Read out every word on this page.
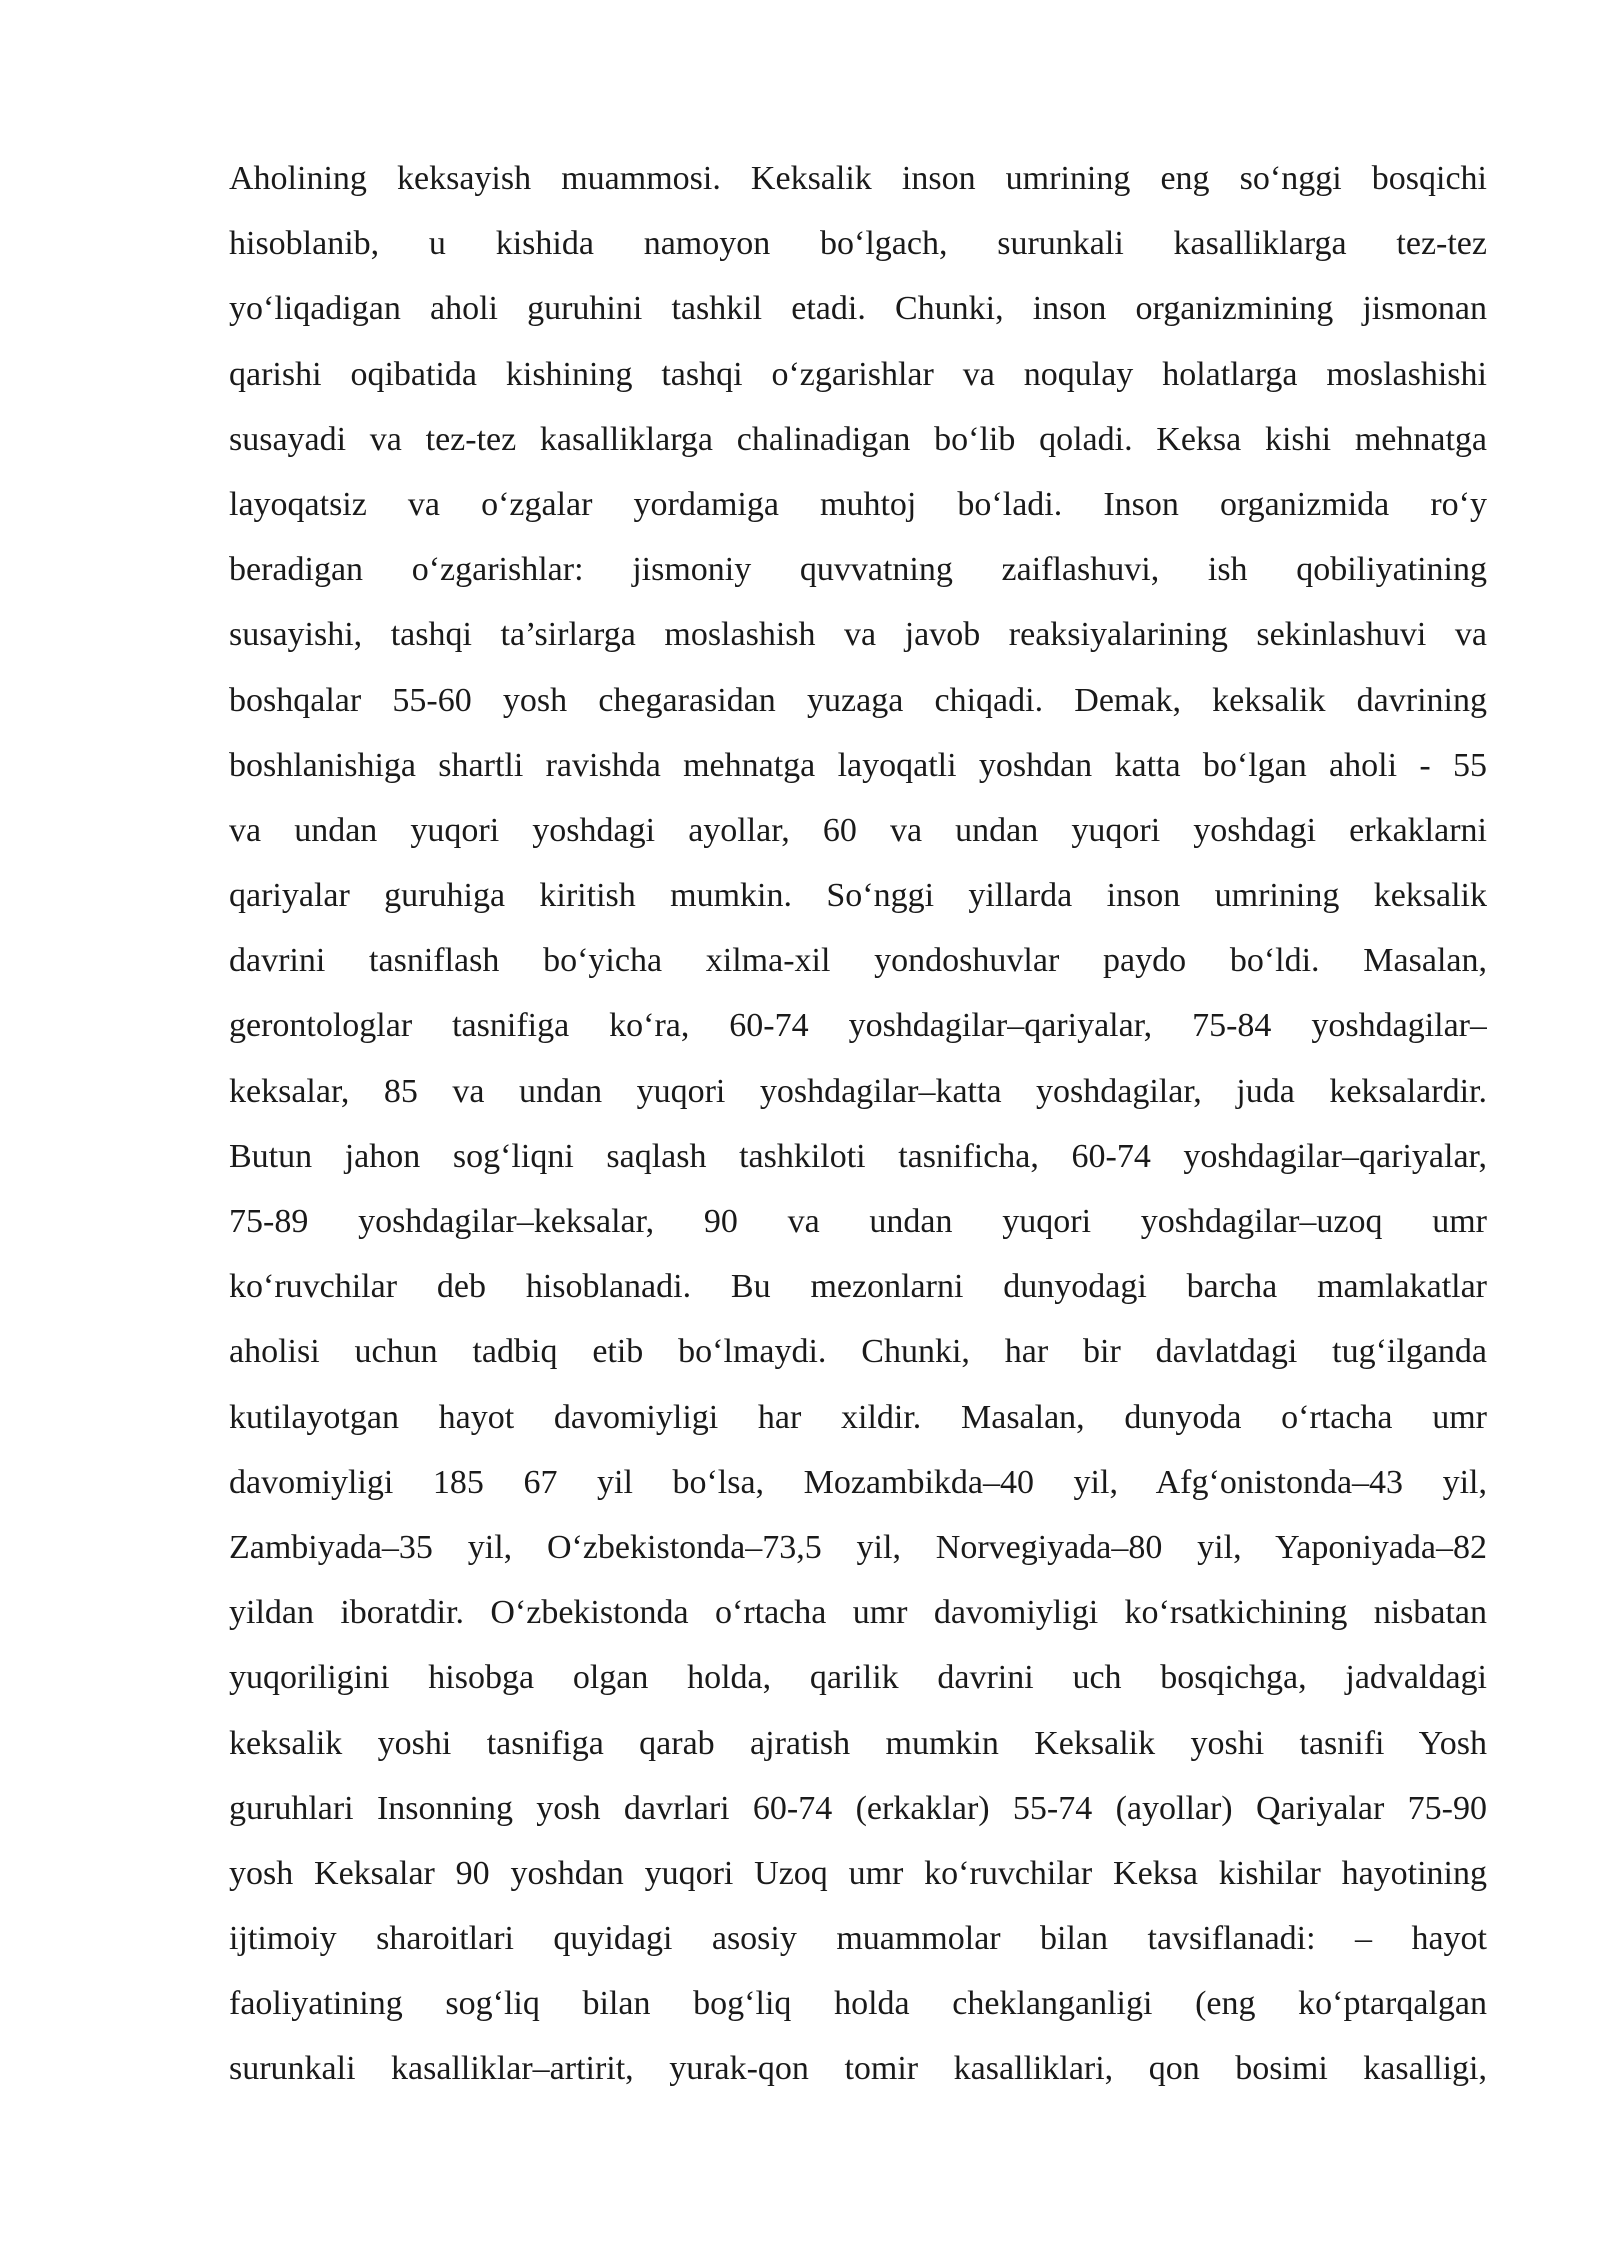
Aholining keksayish muammosi. Keksalik inson umrining eng so‘nggi bosqichi
hisoblanib, u kishida namoyon bo‘lgach, surunkali kasalliklarga tez-tez
yo‘liqadigan aholi guruhini tashkil etadi. Chunki, inson organizmining jismonan
qarishi oqibatida kishining tashqi o‘zgarishlar va noqulay holatlarga moslashishi
susayadi va tez-tez kasalliklarga chalinadigan bo‘lib qoladi. Keksa kishi mehnatga
layoqatsiz va o‘zgalar yordamiga muhtoj bo‘ladi. Inson organizmida ro‘y
beradigan o‘zgarishlar: jismoniy quvvatning zaiflashuvi, ish qobiliyatining
susayishi, tashqi ta’sirlarga moslashish va javob reaksiyalarining sekinlashuvi va
boshqalar 55-60 yosh chegarasidan yuzaga chiqadi. Demak, keksalik davrining
boshlanishiga shartli ravishda mehnatga layoqatli yoshdan katta bo‘lgan aholi - 55
va undan yuqori yoshdagi ayollar, 60 va undan yuqori yoshdagi erkaklarni
qariyalar guruhiga kiritish mumkin. So‘nggi yillarda inson umrining keksalik
davrini tasniflash bo‘yicha xilma-xil yondoshuvlar paydo bo‘ldi. Masalan,
gerontologlar tasnifiga ko‘ra, 60-74 yoshdagilar–qariyalar, 75-84 yoshdagilar–
keksalar, 85 va undan yuqori yoshdagilar–katta yoshdagilar, juda keksalardir.
Butun jahon sog‘liqni saqlash tashkiloti tasnificha, 60-74 yoshdagilar–qariyalar,
75-89 yoshdagilar–keksalar, 90 va undan yuqori yoshdagilar–uzoq umr
ko‘ruvchilar deb hisoblanadi. Bu mezonlarni dunyodagi barcha mamlakatlar
aholisi uchun tadbiq etib bo‘lmaydi. Chunki, har bir davlatdagi tug‘ilganda
kutilayotgan hayot davomiyligi har xildir. Masalan, dunyoda o‘rtacha umr
davomiyligi 185 67 yil bo‘lsa, Mozambikda–40 yil, Afg‘onistonda–43 yil,
Zambiyada–35 yil, O‘zbekistonda–73,5 yil, Norvegiyada–80 yil, Yaponiyada–82
yildan iboratdir. O‘zbekistonda o‘rtacha umr davomiyligi ko‘rsatkichining nisbatan
yuqoriligini hisobga olgan holda, qarilik davrini uch bosqichga, jadvaldagi
keksalik yoshi tasnifiga qarab ajratish mumkin Keksalik yoshi tasnifi Yosh
guruhlari Insonning yosh davrlari 60-74 (erkaklar) 55-74 (ayollar) Qariyalar 75-90
yosh Keksalar 90 yoshdan yuqori Uzoq umr ko‘ruvchilar Keksa kishilar hayotining
ijtimoiy sharoitlari quyidagi asosiy muammolar bilan tavsiflanadi: – hayot
faoliyatining sog‘liq bilan bog‘liq holda cheklanganligi (eng ko‘ptarqalgan
surunkali kasalliklar–artirit, yurak-qon tomir kasalliklari, qon bosimi kasalligi,
